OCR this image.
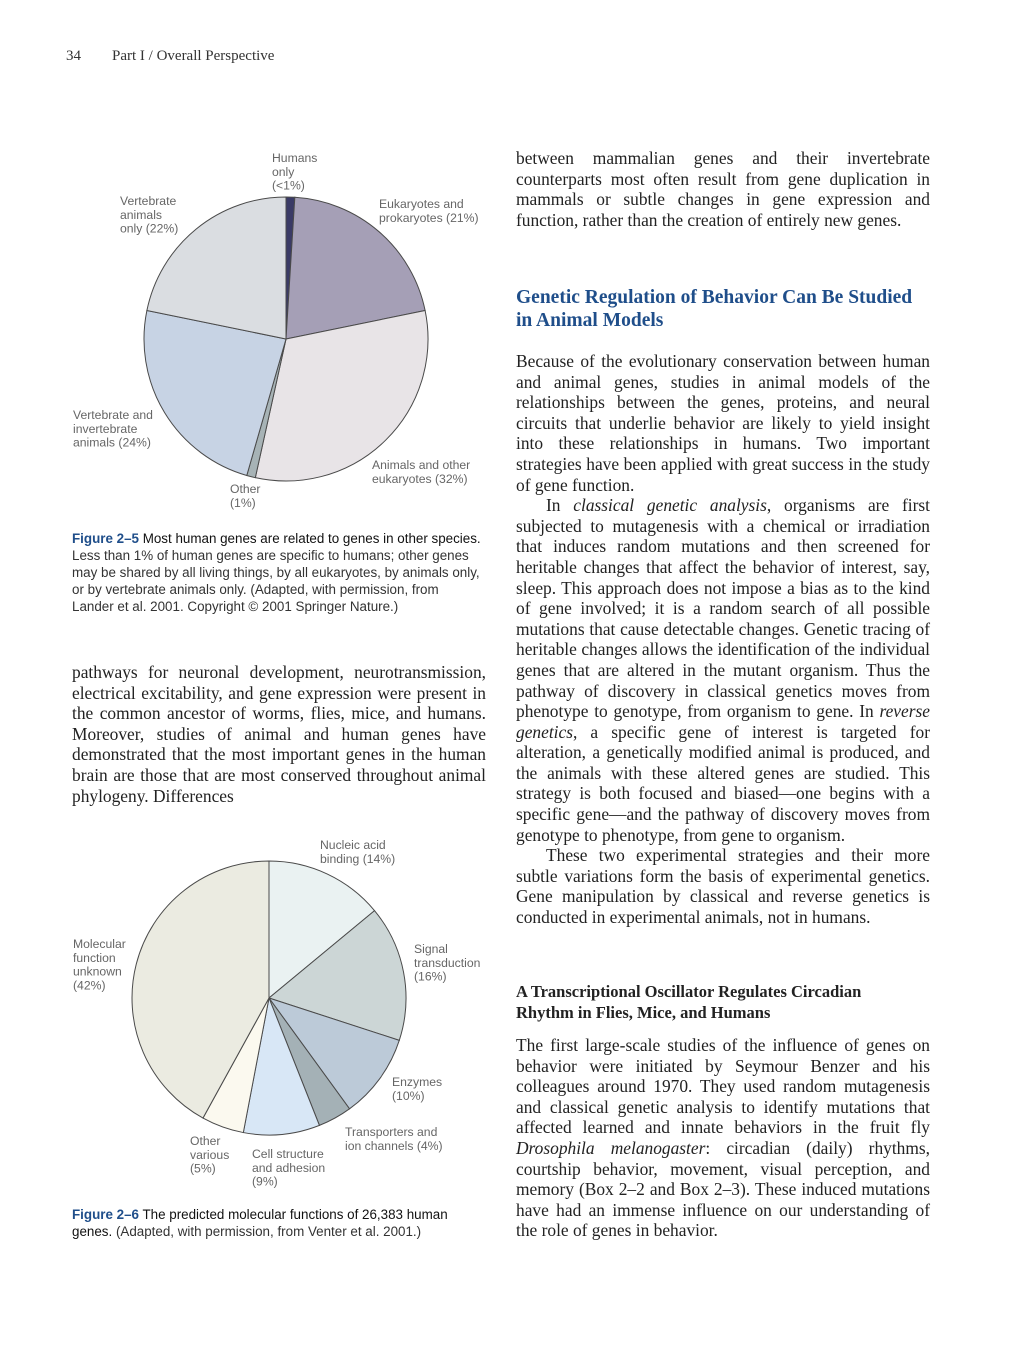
34 Part I / Overall Perspective
Humans only (<1%)
Eukaryotes and prokaryotes (21%)
Animals and other eukaryotes (32%)
Other (1%)
Vertebrate and invertebrate animals (24%)
Vertebrate animals only (22%)
Nucleic acid binding (14%)
Signal transduction (16%)
Enzymes (10%)
Transporters and ion channels (4%)
Cell structure and adhesion (9%)
Other various (5%)
Molecular function unknown (42%)
Figure 2–5 Most human genes are related to genes in other species. Less than 1% of human genes are specific to humans; other genes may be shared by all living things, by all eukaryotes, by animals only, or by vertebrate animals only. (Adapted, with permission, from Lander et al. 2001. Copyright © 2001 Springer Nature.)

pathways for neuronal development, neurotransmission, electrical excitability, and gene expression were present in the common ancestor of worms, flies, mice, and humans. Moreover, studies of animal and human genes have demonstrated that the most important genes in the human brain are those that are most conserved throughout animal phylogeny. Differences

Figure 2–6 The predicted molecular functions of 26,383 human genes. (Adapted, with permission, from Venter et al. 2001.)

between mammalian genes and their invertebrate counterparts most often result from gene duplication in mammals or subtle changes in gene expression and function, rather than the creation of entirely new genes.

Genetic Regulation of Behavior Can Be Studied
in Animal Models

Because of the evolutionary conservation between human and animal genes, studies in animal models of the relationships between the genes, proteins, and neural circuits that underlie behavior are likely to yield insight into these relationships in humans. Two important strategies have been applied with great success in the study of gene function.

In classical genetic analysis, organisms are first subjected to mutagenesis with a chemical or irradiation that induces random mutations and then screened for heritable changes that affect the behavior of interest, say, sleep. This approach does not impose a bias as to the kind of gene involved; it is a random search of all possible mutations that cause detectable changes. Genetic tracing of heritable changes allows the identification of the individual genes that are altered in the mutant organism. Thus the pathway of discovery in classical genetics moves from phenotype to genotype, from organism to gene. In reverse genetics, a specific gene of interest is targeted for alteration, a genetically modified animal is produced, and the animals with these altered genes are studied. This strategy is both focused and biased—one begins with a specific gene—and the pathway of discovery moves from genotype to phenotype, from gene to organism.

These two experimental strategies and their more subtle variations form the basis of experimental genetics. Gene manipulation by classical and reverse genetics is conducted in experimental animals, not in humans.

A Transcriptional Oscillator Regulates Circadian
Rhythm in Flies, Mice, and Humans

The first large-scale studies of the influence of genes on behavior were initiated by Seymour Benzer and his colleagues around 1970. They used random mutagenesis and classical genetic analysis to identify mutations that affected learned and innate behaviors in the fruit fly Drosophila melanogaster: circadian (daily) rhythms, courtship behavior, movement, visual perception, and memory (Box 2–2 and Box 2–3). These induced mutations have had an immense influence on our understanding of the role of genes in behavior.
